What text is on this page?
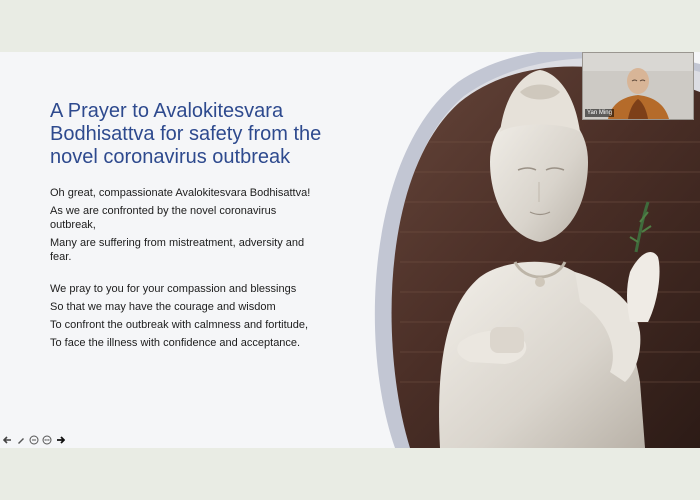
A Prayer to Avalokitesvara Bodhisattva for safety from the novel coronavirus outbreak

Oh great, compassionate Avalokitesvara Bodhisattva!

As we are confronted by the novel coronavirus outbreak,

Many are suffering from mistreatment, adversity and fear.

We pray to you for your compassion and blessings

So that we may have the courage and wisdom

To confront the outbreak with calmness and fortitude,

To face the illness with confidence and acceptance.

Yan Ming
